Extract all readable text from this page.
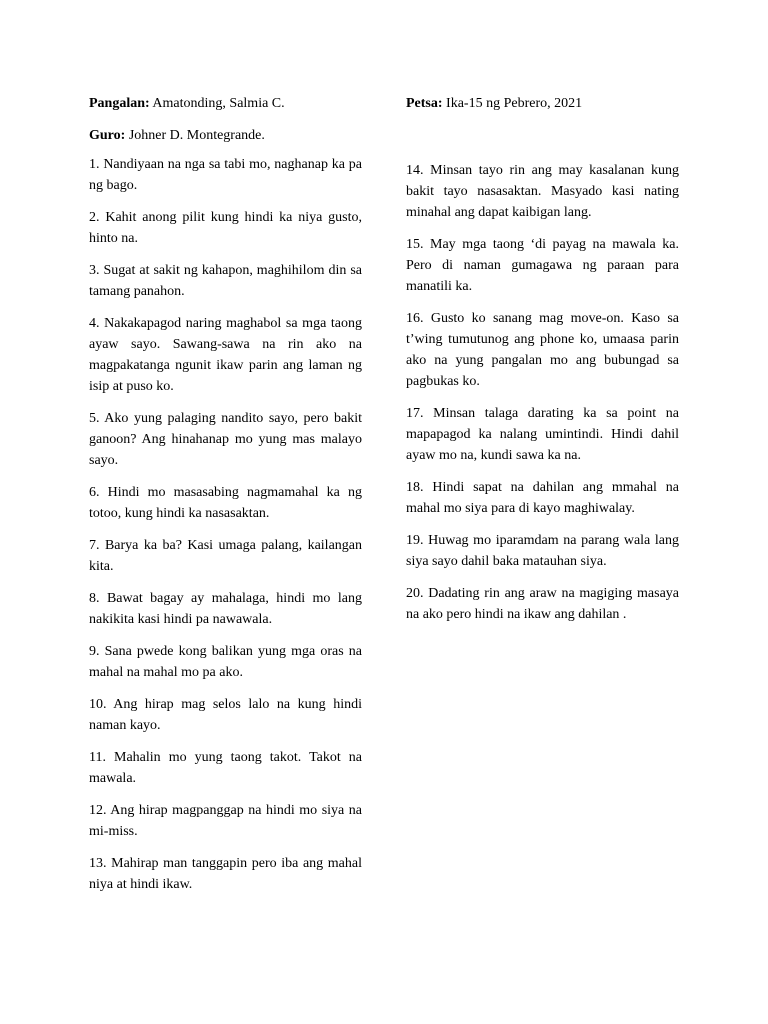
Pangalan: Amatonding, Salmia C.	Petsa: Ika-15 ng Pebrero, 2021
Guro: Johner D. Montegrande.

1. Nandiyaan na nga sa tabi mo, naghanap ka pa ng bago.

2. Kahit anong pilit kung hindi ka niya gusto, hinto na.

3. Sugat at sakit ng kahapon, maghihilom din sa tamang panahon.

4. Nakakapagod naring maghabol sa mga taong ayaw sayo. Sawang-sawa na rin ako na magpakatanga ngunit ikaw parin ang laman ng isip at puso ko.

5. Ako yung palaging nandito sayo, pero bakit ganoon? Ang hinahanap mo yung mas malayo sayo.

6. Hindi mo masasabing nagmamahal ka ng totoo, kung hindi ka nasasaktan.

7. Barya ka ba? Kasi umaga palang, kailangan kita.

8. Bawat bagay ay mahalaga, hindi mo lang nakikita kasi hindi pa nawawala.

9. Sana pwede kong balikan yung mga oras na mahal na mahal mo pa ako.

10. Ang hirap mag selos lalo na kung hindi naman kayo.

11. Mahalin mo yung taong takot. Takot na mawala.

12. Ang hirap magpanggap na hindi mo siya na mi-miss.

13. Mahirap man tanggapin pero iba ang mahal niya at hindi ikaw.

14. Minsan tayo rin ang may kasalanan kung bakit tayo nasasaktan. Masyado kasi nating minahal ang dapat kaibigan lang.

15. May mga taong ‘di payag na mawala ka. Pero di naman gumagawa ng paraan para manatili ka.

16. Gusto ko sanang mag move-on. Kaso sa t’wing tumutunog ang phone ko, umaasa parin ako na yung pangalan mo ang bubungad sa pagbukas ko.

17. Minsan talaga darating ka sa point na mapapagod ka nalang umintindi. Hindi dahil ayaw mo na, kundi sawa ka na.

18. Hindi sapat na dahilan ang mmahal na mahal mo siya para di kayo maghiwalay.

19. Huwag mo iparamdam na parang wala lang siya sayo dahil baka matauhan siya.

20. Dadating rin ang araw na magiging masaya na ako pero hindi na ikaw ang dahilan .
